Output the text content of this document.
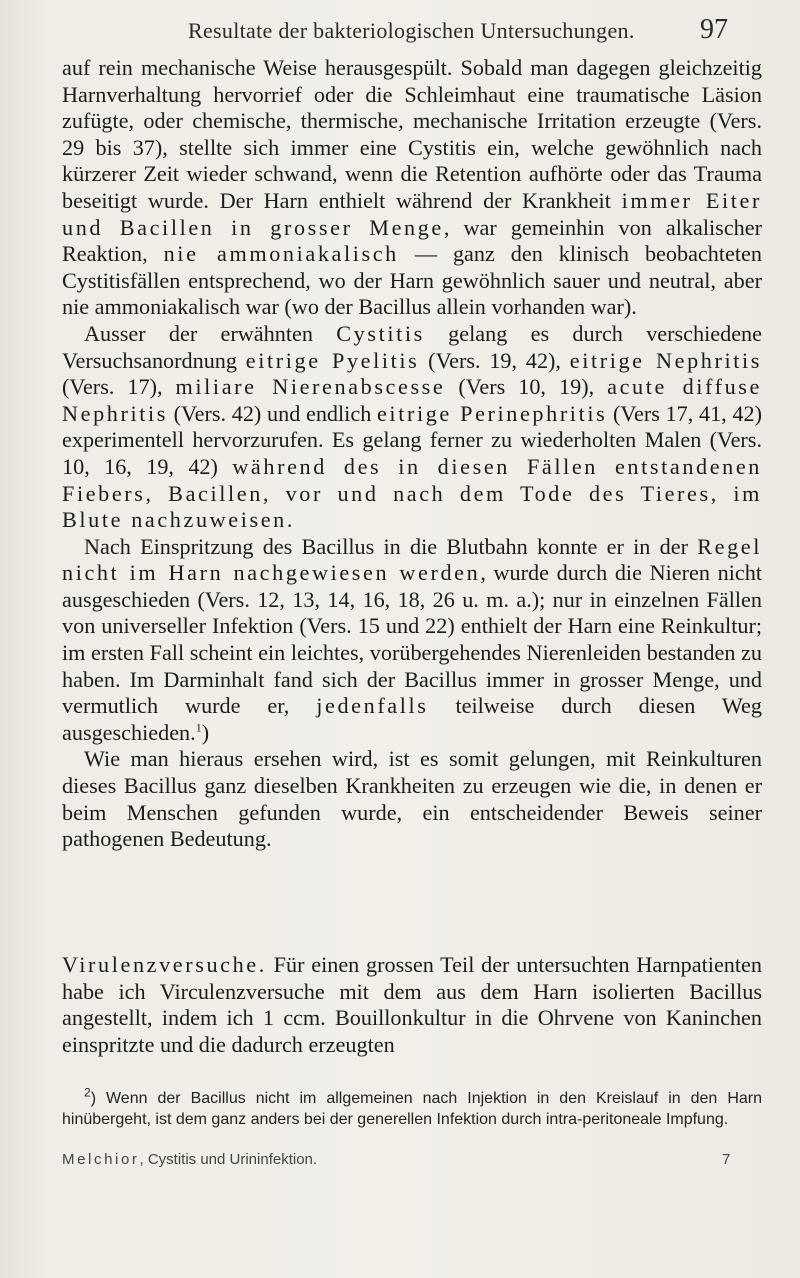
Resultate der bakteriologischen Untersuchungen. 97

auf rein mechanische Weise herausgespült. Sobald man dagegen gleichzeitig Harnverhaltung hervorrief oder die Schleimhaut eine traumatische Läsion zufügte, oder chemische, thermische, mechanische Irritation erzeugte (Vers. 29 bis 37), stellte sich immer eine Cystitis ein, welche gewöhnlich nach kürzerer Zeit wieder schwand, wenn die Retention aufhörte oder das Trauma beseitigt wurde. Der Harn enthielt während der Krankheit immer Eiter und Bacillen in grosser Menge, war gemeinhin von alkalischer Reaktion, nie ammoniakalisch — ganz den klinisch beobachteten Cystitisfällen entsprechend, wo der Harn gewöhnlich sauer und neutral, aber nie ammoniakalisch war (wo der Bacillus allein vorhanden war).

Ausser der erwähnten Cystitis gelang es durch verschiedene Versuchsanordnung eitrige Pyelitis (Vers. 19, 42), eitrige Nephritis (Vers. 17), miliare Nierenabscesse (Vers 10, 19), acute diffuse Nephritis (Vers. 42) und endlich eitrige Perinephritis (Vers 17, 41, 42) experimentell hervorzurufen. Es gelang ferner zu wiederholten Malen (Vers. 10, 16, 19, 42) während des in diesen Fällen entstandenen Fiebers, Bacillen, vor und nach dem Tode des Tieres, im Blute nachzuweisen.

Nach Einspritzung des Bacillus in die Blutbahn konnte er in der Regel nicht im Harn nachgewiesen werden, wurde durch die Nieren nicht ausgeschieden (Vers. 12, 13, 14, 16, 18, 26 u. m. a.); nur in einzelnen Fällen von universeller Infektion (Vers. 15 und 22) enthielt der Harn eine Reinkultur; im ersten Fall scheint ein leichtes, vorübergehendes Nierenleiden bestanden zu haben. Im Darminhalt fand sich der Bacillus immer in grosser Menge, und vermutlich wurde er, jedenfalls teilweise durch diesen Weg ausgeschieden.$^1$)

Wie man hieraus ersehen wird, ist es somit gelungen, mit Reinkulturen dieses Bacillus ganz dieselben Krankheiten zu erzeugen wie die, in denen er beim Menschen gefunden wurde, ein entscheidender Beweis seiner pathogenen Bedeutung.

Virulenzversuche. Für einen grossen Teil der untersuchten Harnpatienten habe ich Virculenzversuche mit dem aus dem Harn isolierten Bacillus angestellt, indem ich 1 ccm. Bouillonkultur in die Ohrvene von Kaninchen einspritzte und die dadurch erzeugten

$^2$) Wenn der Bacillus nicht im allgemeinen nach Injektion in den Kreislauf in den Harn hinübergeht, ist dem ganz anders bei der generellen Infektion durch intra-peritoneale Impfung.

Melchior, Cystitis und Urininfektion.	7
